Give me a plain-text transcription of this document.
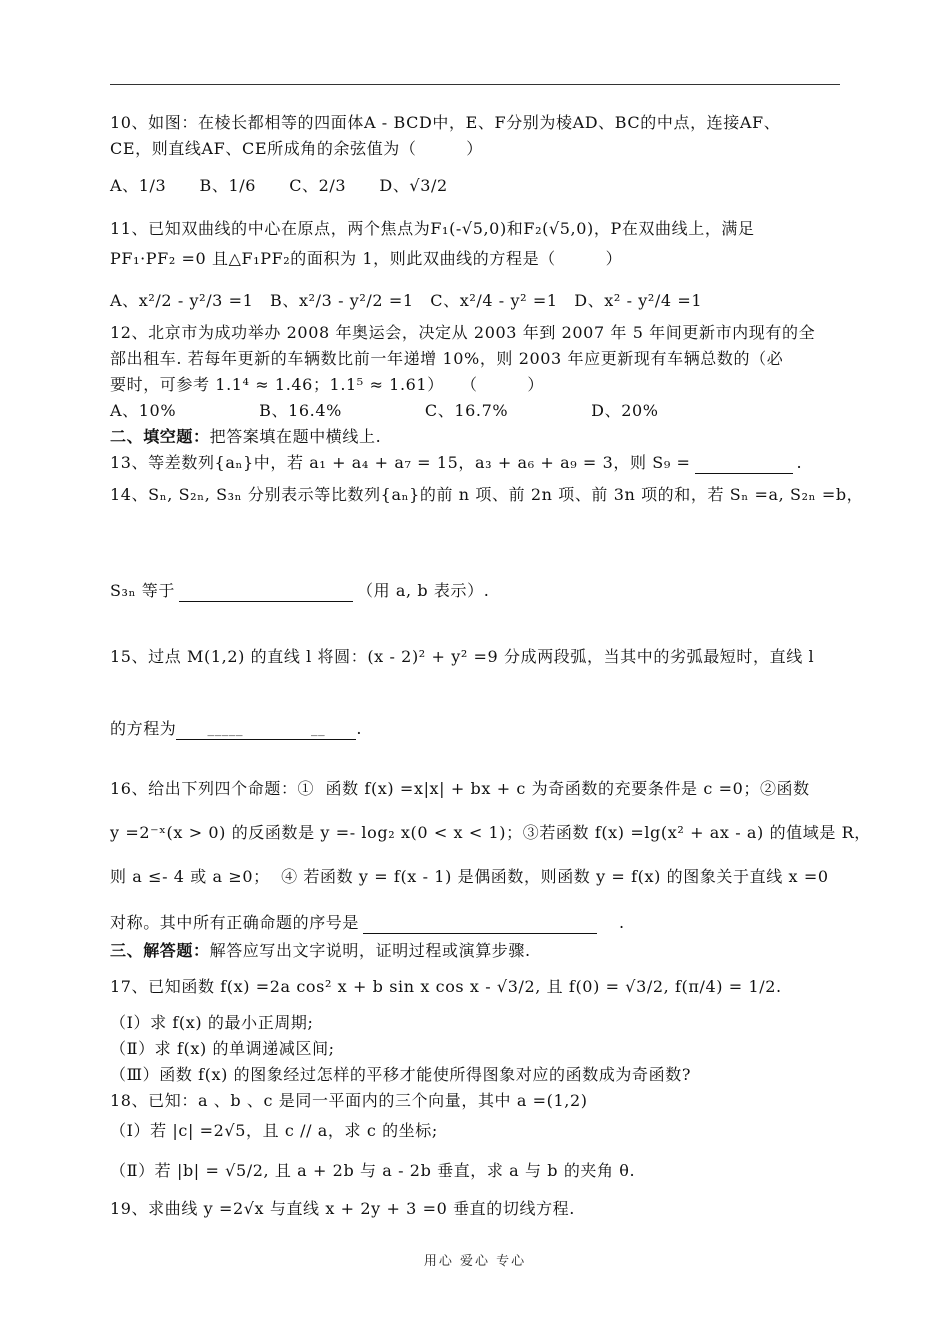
10、如图：在棱长都相等的四面体A - BCD中，E、F分别为棱AD、BC的中点，连接AF、
CE，则直线AF、CE所成角的余弦值为（　　　）
A、1/3　　B、1/6　　C、2/3　　D、√3/2
11、已知双曲线的中心在原点，两个焦点为F₁(-√5,0)和F₂(√5,0)，P在双曲线上，满足
PF₁·PF₂ =0 且△F₁PF₂的面积为 1，则此双曲线的方程是（　　　）
A、x²/2 - y²/3 =1　B、x²/3 - y²/2 =1　C、x²/4 - y² =1　D、x² - y²/4 =1
12、北京市为成功举办 2008 年奥运会，决定从 2003 年到 2007 年 5 年间更新市内现有的全
部出租车. 若每年更新的车辆数比前一年递增 10%，则 2003 年应更新现有车辆总数的（必
要时，可参考 1.1⁴ ≈ 1.46；1.1⁵ ≈ 1.61）　　（　　　）
A、10%　　　　　B、16.4%　　　　　C、16.7%　　　　　D、20%
二、填空题：把答案填在题中横线上.
13、等差数列{aₙ}中，若 a₁ + a₄ + a₇ = 15，a₃ + a₆ + a₉ = 3，则 S₉ =	.
14、Sₙ, S₂ₙ, S₃ₙ 分别表示等比数列{aₙ}的前 n 项、前 2n 项、前 3n 项的和，若 Sₙ =a, S₂ₙ =b，
S₃ₙ 等于	（用 a, b 表示）.
15、过点 M(1,2) 的直线 l 将圆：(x - 2)² + y² =9 分成两段弧，当其中的劣弧最短时，直线 l
的方程为 _____　　　　　__ .
16、给出下列四个命题：①  函数 f(x) =x|x| + bx + c 为奇函数的充要条件是 c =0；②函数
y =2⁻ˣ(x > 0) 的反函数是 y =- log₂ x(0 < x < 1)；③若函数 f(x) =lg(x² + ax - a) 的值域是 R，
则 a ≤- 4 或 a ≥0；  ④ 若函数 y = f(x - 1) 是偶函数，则函数 y = f(x) 的图象关于直线 x =0
对称。其中所有正确命题的序号是	.
三、解答题：解答应写出文字说明，证明过程或演算步骤.
17、已知函数 f(x) =2a cos² x + b sin x cos x - √3/2, 且 f(0) = √3/2, f(π/4) = 1/2.
（Ⅰ）求 f(x) 的最小正周期;
（Ⅱ）求 f(x) 的单调递减区间;
（Ⅲ）函数 f(x) 的图象经过怎样的平移才能使所得图象对应的函数成为奇函数?
18、已知：a 、b 、c 是同一平面内的三个向量，其中 a =(1,2)
（Ⅰ）若 |c| =2√5，且 c // a，求 c 的坐标;
（Ⅱ）若 |b| = √5/2, 且 a + 2b 与 a - 2b 垂直，求 a 与 b 的夹角 θ.
19、求曲线 y =2√x 与直线 x + 2y + 3 =0 垂直的切线方程.
用心 爱心 专心
